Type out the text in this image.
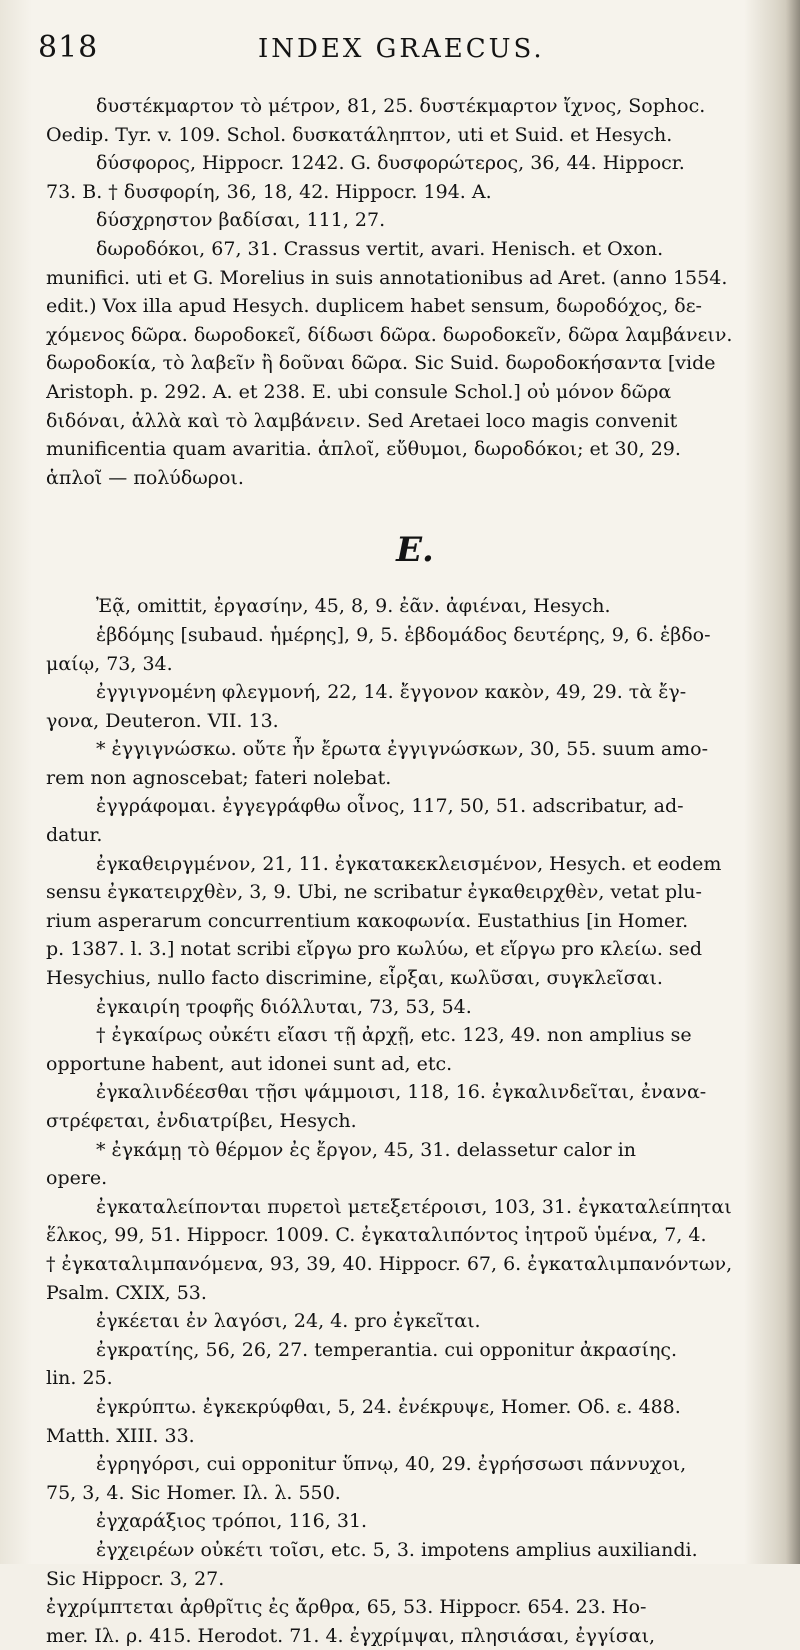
818	INDEX GRAECUS.
δυστέκμαρτον τὸ μέτρον, 81, 25. δυστέκμαρτον ἴχνος, Sophoc.
Oedip. Tyr. v. 109. Schol. δυσκατάληπτον, uti et Suid. et Hesych.
δύσφορος, Hippocr. 1242. G. δυσφορώτερος, 36, 44. Hippocr.
73. B. † δυσφορίη, 36, 18, 42. Hippocr. 194. A.
δύσχρηστον βαδίσαι, 111, 27.
δωροδόκοι, 67, 31. Crassus vertit, avari. Henisch. et Oxon.
munifici. uti et G. Morelius in suis annotationibus ad Aret. (anno 1554.
edit.) Vox illa apud Hesych. duplicem habet sensum, δωροδόχος, δε-
χόμενος δῶρα. δωροδοκεῖ, δίδωσι δῶρα. δωροδοκεῖν, δῶρα λαμβάνειν.
δωροδοκία, τὸ λαβεῖν ἢ δοῦναι δῶρα. Sic Suid. δωροδοκήσαντα [vide
Aristoph. p. 292. A. et 238. E. ubi consule Schol.] οὐ μόνον δῶρα
διδόναι, ἀλλὰ καὶ τὸ λαμβάνειν. Sed Aretaei loco magis convenit
munificentia quam avaritia. ἁπλοῖ, εὔθυμοι, δωροδόκοι; et 30, 29.
ἁπλοῖ — πολύδωροι.
E.
Ἐᾷ, omittit, ἐργασίην, 45, 8, 9. ἐᾶν. ἀφιέναι, Hesych.
ἑβδόμης [subaud. ἡμέρης], 9, 5. ἑβδομάδος δευτέρης, 9, 6. ἑβδο-
μαίῳ, 73, 34.
ἐγγιγνομένη φλεγμονή, 22, 14. ἔγγονον κακὸν, 49, 29. τὰ ἔγ-
γονα, Deuteron. VII. 13.
* ἐγγιγνώσκω. οὔτε ἦν ἔρωτα ἐγγιγνώσκων, 30, 55. suum amo-
rem non agnoscebat; fateri nolebat.
ἐγγράφομαι. ἐγγεγράφθω οἶνος, 117, 50, 51. adscribatur, ad-
datur.
ἐγκαθειργμένον, 21, 11. ἐγκατακεκλεισμένον, Hesych. et eodem
sensu ἐγκατειρχθὲν, 3, 9. Ubi, ne scribatur ἐγκαθειρχθὲν, vetat plu-
rium asperarum concurrentium κακοφωνία. Eustathius [in Homer.
p. 1387. l. 3.] notat scribi εἴργω pro κωλύω, et εἵργω pro κλείω. sed
Hesychius, nullo facto discrimine, εἷρξαι, κωλῦσαι, συγκλεῖσαι.
ἐγκαιρίη τροφῆς διόλλυται, 73, 53, 54.
† ἐγκαίρως οὐκέτι εἴασι τῇ ἀρχῇ, etc. 123, 49. non amplius se
opportune habent, aut idonei sunt ad, etc.
ἐγκαλινδέεσθαι τῇσι ψάμμοισι, 118, 16. ἐγκαλινδεῖται, ἐνανα-
στρέφεται, ἐνδιατρίβει, Hesych.
* ἐγκάμῃ τὸ θέρμον ἐς ἔργον, 45, 31. delassetur calor in
opere.
ἐγκαταλείπονται πυρετοὶ μετεξετέροισι, 103, 31. ἐγκαταλείπηται
ἕλκος, 99, 51. Hippocr. 1009. C. ἐγκαταλιπόντος ἰητροῦ ὑμένα, 7, 4.
† ἐγκαταλιμπανόμενα, 93, 39, 40. Hippocr. 67, 6. ἐγκαταλιμπανόντων,
Psalm. CXIX, 53.
ἐγκέεται ἐν λαγόσι, 24, 4. pro ἐγκεῖται.
ἐγκρατίης, 56, 26, 27. temperantia. cui opponitur ἀκρασίης.
lin. 25.
ἐγκρύπτω. ἐγκεκρύφθαι, 5, 24. ἐνέκρυψε, Homer. Οδ. ε. 488.
Matth. XIII. 33.
ἐγρηγόρσι, cui opponitur ὕπνῳ, 40, 29. ἐγρήσσωσι πάννυχοι,
75, 3, 4. Sic Homer. Ιλ. λ. 550.
ἐγχαράξιος τρόποι, 116, 31.
ἐγχειρέων οὐκέτι τοῖσι, etc. 5, 3. impotens amplius auxiliandi.
Sic Hippocr. 3, 27.
ἐγχρίμπτεται ἀρθρῖτις ἐς ἄρθρα, 65, 53. Hippocr. 654. 23. Ho-
mer. Ιλ. ρ. 415. Herodot. 71. 4. ἐγχρίμψαι, πλησιάσαι, ἐγγίσαι,
